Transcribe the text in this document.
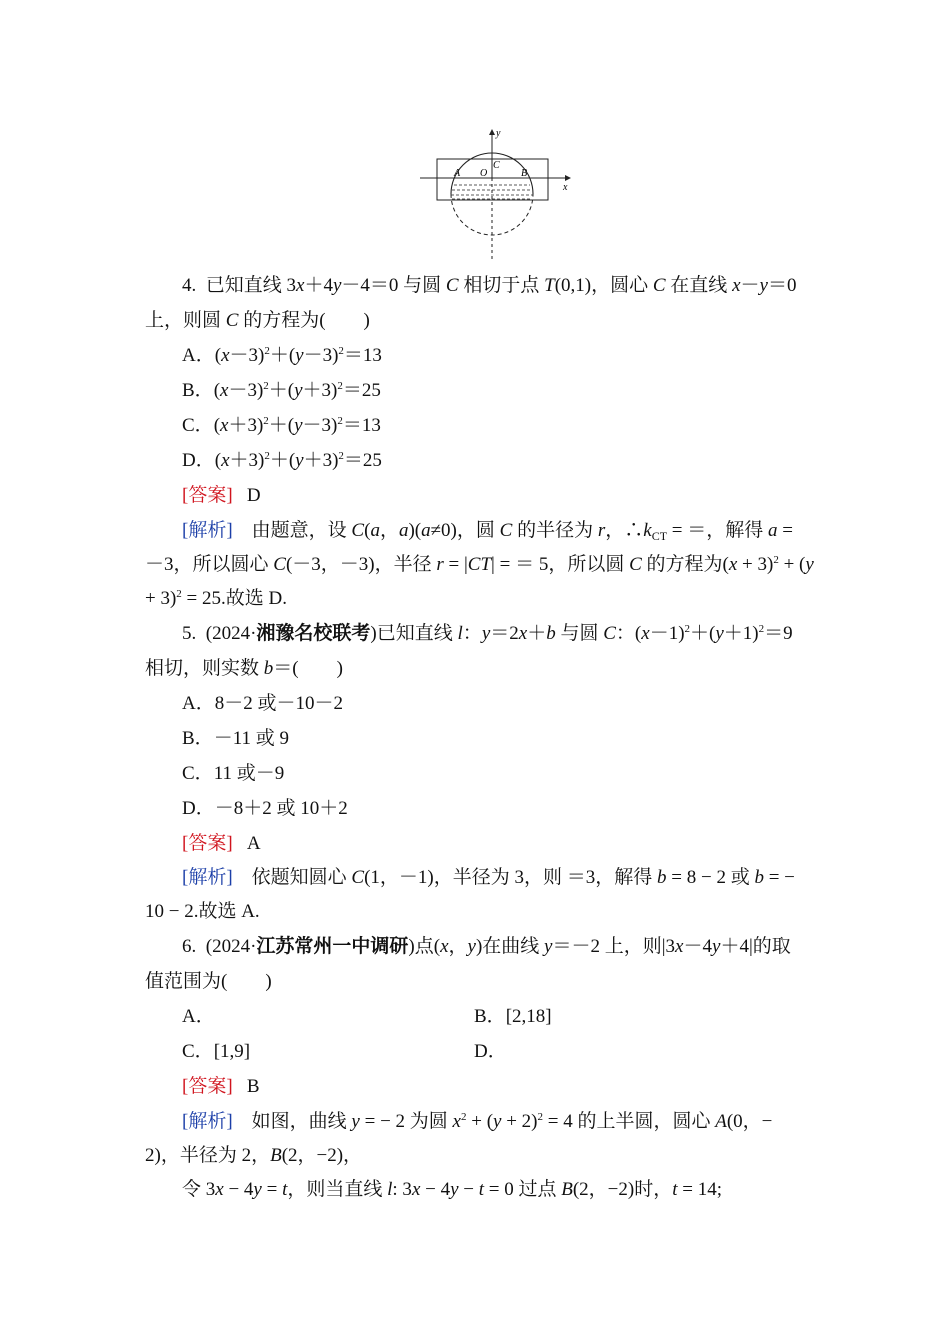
y
x
A O
C
B
4. 已知直线 3x＋4y－4＝0 与圆 C 相切于点 T(0,1)，圆心 C 在直线 x－y＝0
上，则圆 C 的方程为(　　)
A．$(x-3)^2+(y-3)^2=13$
B．$(x-3)^2+(y+3)^2=25$
C．$(x+3)^2+(y-3)^2=13$
D．$(x+3)^2+(y+3)^2=25$
[答案] D
[解析]　由题意，设 C(a，a)(a≠0)，圆 C 的半径为 r，$\therefore k_{CT}$ = ＝，解得 a =
－3，所以圆心 C(－3，－3)，半径 r = |CT| = ＝ 5，所以圆 C 的方程为$(x + 3)^2 + (y$
+ 3)$^2$ = 25.故选 D.
5. (2024·湘豫名校联考)已知直线 l：y＝2x＋b 与圆 C：$(x-1)^2+(y+1)^2=9$
相切，则实数 b＝(　　)
A．8－2 或－10－2
B．－11 或 9
C．11 或－9
D．－8＋2 或 10＋2
[答案] A
[解析]　依题知圆心 C(1，－1)，半径为 3，则 ＝3，解得 b = 8 − 2 或 b = −
10 − 2.故选 A.
6. (2024·江苏常州一中调研)点(x，y)在曲线 y＝－2 上，则|3x－4y＋4|的取
值范围为(　　)
A．	B．[2,18]
C．[1,9]	D．
[答案] B
[解析]　如图，曲线 y = − 2 为圆 $x^2 + (y + 2)^2 = 4$ 的上半圆，圆心 A(0，−
2)，半径为 2，B(2，−2)，
令 3x − 4y = t，则当直线 l: 3x − 4y − t = 0 过点 B(2，−2)时，t = 14;
